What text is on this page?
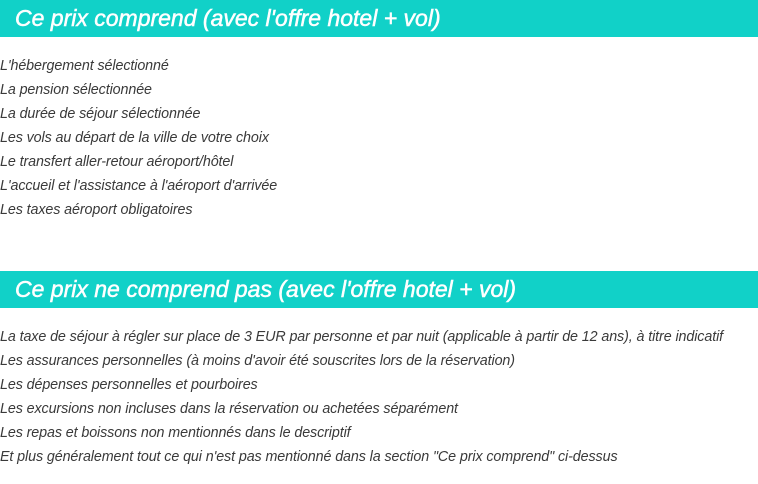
Ce prix comprend (avec l'offre hotel + vol)
L'hébergement sélectionné
La pension sélectionnée
La durée de séjour sélectionnée
Les vols au départ de la ville de votre choix
Le transfert aller-retour aéroport/hôtel
L'accueil et l'assistance à l'aéroport d'arrivée
Les taxes aéroport obligatoires
Ce prix ne comprend pas (avec l'offre hotel + vol)
La taxe de séjour à régler sur place de 3 EUR par personne et par nuit (applicable à partir de 12 ans), à titre indicatif
Les assurances personnelles (à moins d'avoir été souscrites lors de la réservation)
Les dépenses personnelles et pourboires
Les excursions non incluses dans la réservation ou achetées séparément
Les repas et boissons non mentionnés dans le descriptif
Et plus généralement tout ce qui n'est pas mentionné dans la section "Ce prix comprend" ci-dessus
